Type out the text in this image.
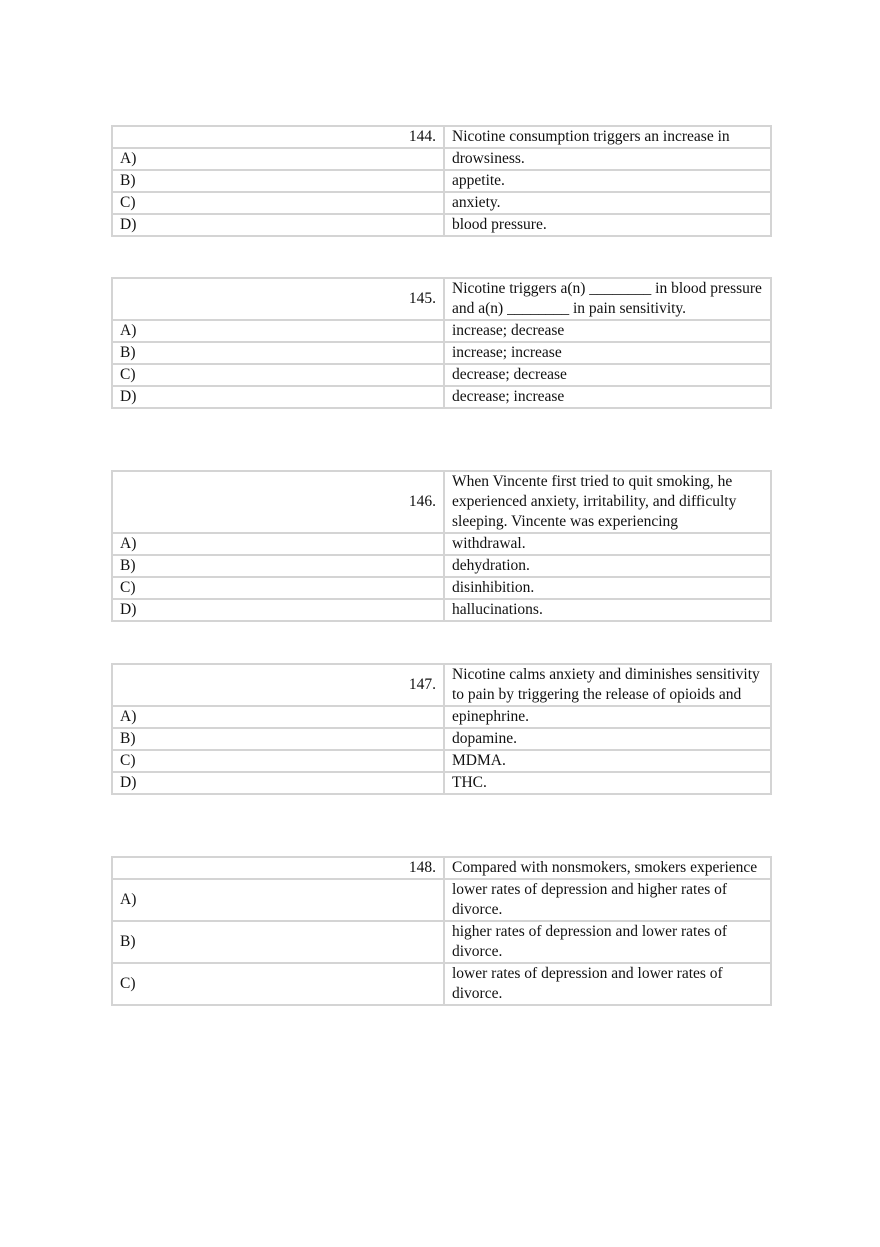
144.	Nicotine consumption triggers an increase in
A)	drowsiness.
B)	appetite.
C)	anxiety.
D)	blood pressure.
145.	Nicotine triggers a(n) ________ in blood pressure and a(n) ________ in pain sensitivity.
A)	increase; decrease
B)	increase; increase
C)	decrease; decrease
D)	decrease; increase
146.	When Vincente first tried to quit smoking, he experienced anxiety, irritability, and difficulty sleeping. Vincente was experiencing
A)	withdrawal.
B)	dehydration.
C)	disinhibition.
D)	hallucinations.
147.	Nicotine calms anxiety and diminishes sensitivity to pain by triggering the release of opioids and
A)	epinephrine.
B)	dopamine.
C)	MDMA.
D)	THC.
148.	Compared with nonsmokers, smokers experience
A)	lower rates of depression and higher rates of divorce.
B)	higher rates of depression and lower rates of divorce.
C)	lower rates of depression and lower rates of divorce.
